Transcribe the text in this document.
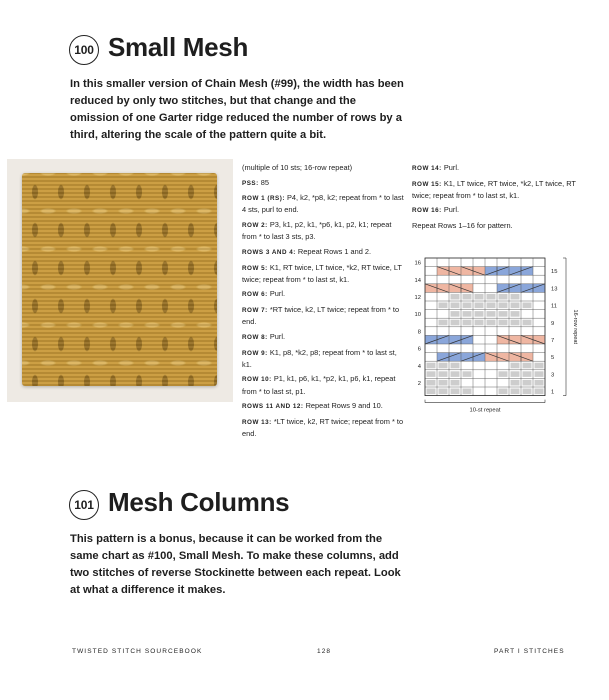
100 Small Mesh
In this smaller version of Chain Mesh (#99), the width has been reduced by only two stitches, but that change and the omission of one Garter ridge reduced the number of rows by a third, altering the scale of the pattern quite a bit.

(multiple of 10 sts; 16-row repeat)

PSS: 85

ROW 1 (RS): P4, k2, *p8, k2; repeat from * to last 4 sts, purl to end.

ROW 2: P3, k1, p2, k1, *p6, k1, p2, k1; repeat from * to last 3 sts, p3.

ROWS 3 AND 4: Repeat Rows 1 and 2.

ROW 5: K1, RT twice, LT twice, *k2, RT twice, LT twice; repeat from * to last st, k1.

ROW 6: Purl.

ROW 7: *RT twice, k2, LT twice; repeat from * to end.

ROW 8: Purl.

ROW 9: K1, p8, *k2, p8; repeat from * to last st, k1.

ROW 10: P1, k1, p6, k1, *p2, k1, p6, k1, repeat from * to last st, p1.

ROWS 11 AND 12: Repeat Rows 9 and 10.

ROW 13: *LT twice, k2, RT twice; repeat from * to end.

ROW 14: Purl.

ROW 15: K1, LT twice, RT twice, *k2, LT twice, RT twice; repeat from * to last st, k1.

ROW 16: Purl.

Repeat Rows 1–16 for pattern.

16
14
12
10
8
6
4
2
15
13
11
9
7
5
3
1
16-row repeat
10-st repeat
101 Mesh Columns
This pattern is a bonus, because it can be worked from the same chart as #100, Small Mesh. To make these columns, add two stitches of reverse Stockinette between each repeat. Look at what a difference it makes.
TWISTED STITCH SOURCEBOOK	128	PART I STITCHES
